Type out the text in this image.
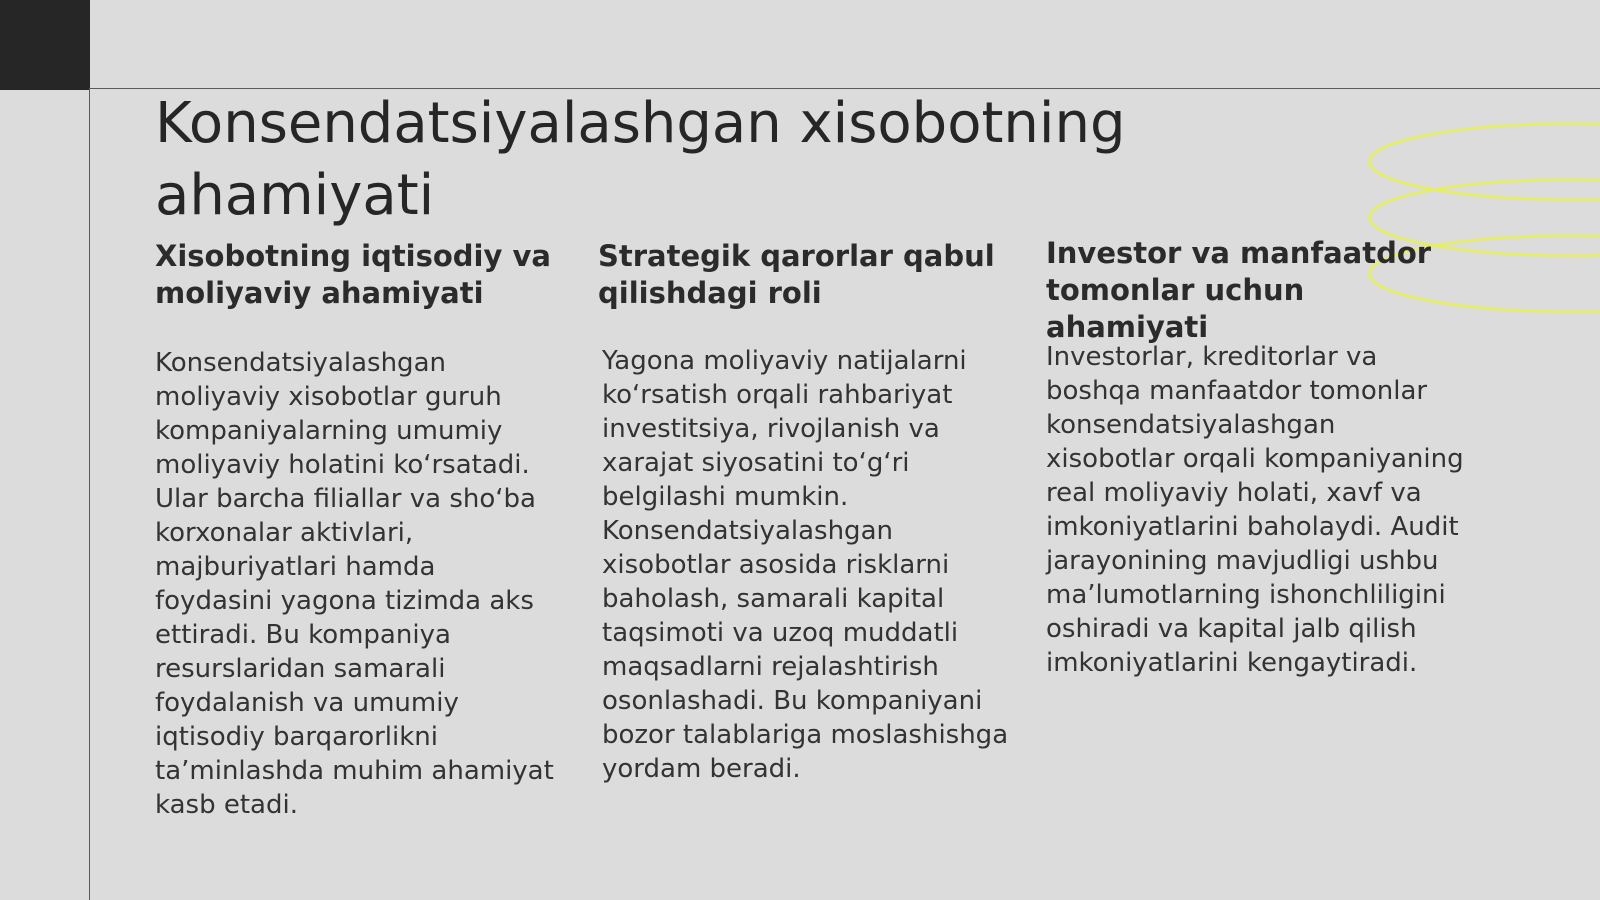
Konsendatsiyalashgan xisobotning ahamiyati
Xisobotning iqtisodiy va moliyaviy ahamiyati

Konsendatsiyalashgan moliyaviy xisobotlar guruh kompaniyalarning umumiy moliyaviy holatini ko‘rsatadi. Ular barcha filiallar va sho‘ba korxonalar aktivlari, majburiyatlari hamda foydasini yagona tizimda aks ettiradi. Bu kompaniya resurslaridan samarali foydalanish va umumiy iqtisodiy barqarorlikni ta’minlashda muhim ahamiyat kasb etadi.

Strategik qarorlar qabul qilishdagi roli

Yagona moliyaviy natijalarni ko‘rsatish orqali rahbariyat investitsiya, rivojlanish va xarajat siyosatini to‘g‘ri belgilashi mumkin. Konsendatsiyalashgan xisobotlar asosida risklarni baholash, samarali kapital taqsimoti va uzoq muddatli maqsadlarni rejalashtirish osonlashadi. Bu kompaniyani bozor talablariga moslashishga yordam beradi.

Investor va manfaatdor tomonlar uchun ahamiyati

Investorlar, kreditorlar va boshqa manfaatdor tomonlar konsendatsiyalashgan xisobotlar orqali kompaniyaning real moliyaviy holati, xavf va imkoniyatlarini baholaydi. Audit jarayonining mavjudligi ushbu ma’lumotlarning ishonchliligini oshiradi va kapital jalb qilish imkoniyatlarini kengaytiradi.
